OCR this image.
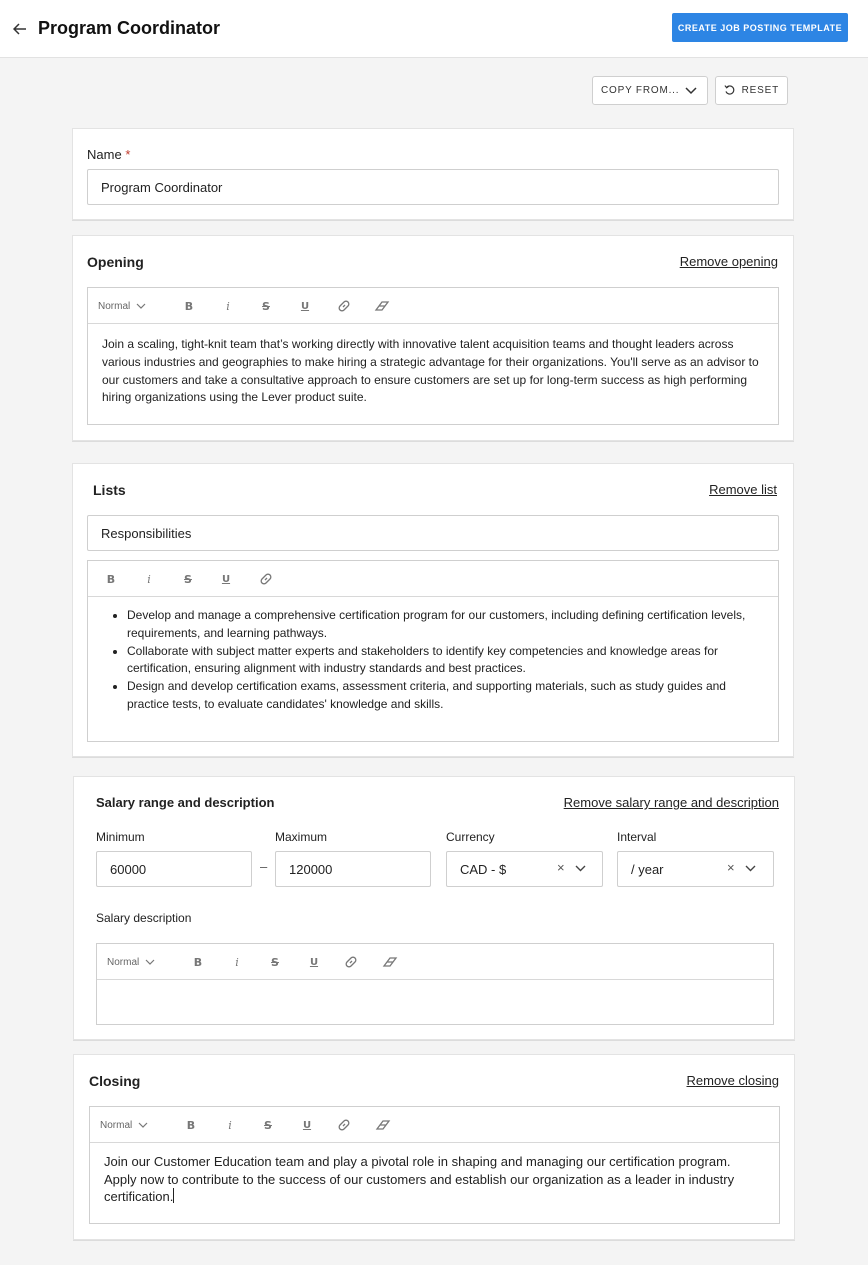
Program Coordinator	CREATE JOB POSTING TEMPLATE
COPY FROM...	RESET
Name *
Program Coordinator
Opening	Remove opening
Normal	B	i	S	U
Join a scaling, tight-knit team that’s working directly with innovative talent acquisition teams and thought leaders across various industries and geographies to make hiring a strategic advantage for their organizations. You'll serve as an advisor to our customers and take a consultative approach to ensure customers are set up for long-term success as high performing hiring organizations using the Lever product suite.
Lists	Remove list
Responsibilities
B	i	S	U
• Develop and manage a comprehensive certification program for our customers, including defining certification levels, requirements, and learning pathways.
• Collaborate with subject matter experts and stakeholders to identify key competencies and knowledge areas for certification, ensuring alignment with industry standards and best practices.
• Design and develop certification exams, assessment criteria, and supporting materials, such as study guides and practice tests, to evaluate candidates' knowledge and skills.
Salary range and description	Remove salary range and description
Minimum
60000	–
Maximum
120000
Currency
CAD - $	×
Interval
/ year	×
Salary description
Normal	B	i	S	U
Closing	Remove closing
Normal	B	i	S	U
Join our Customer Education team and play a pivotal role in shaping and managing our certification program. Apply now to contribute to the success of our customers and establish our organization as a leader in industry certification.
